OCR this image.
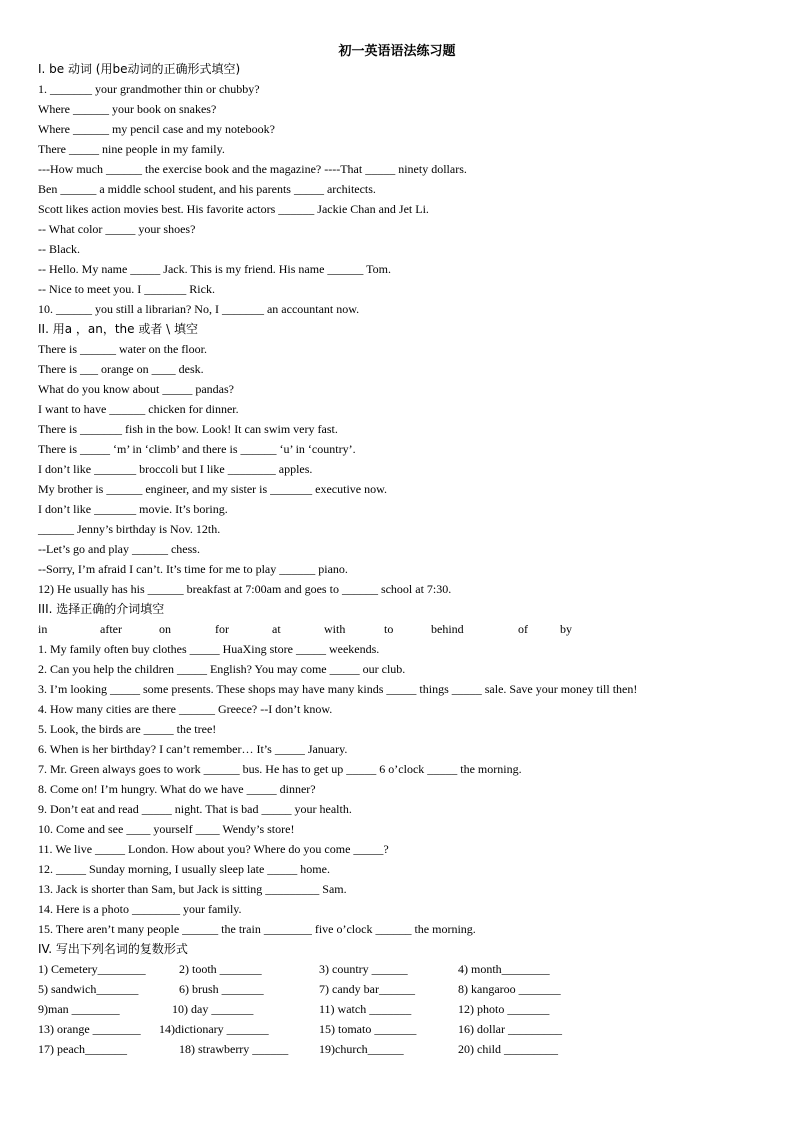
初一英语语法练习题
I. be 动词 (用be动词的正确形式填空)
1. _______ your grandmother thin or chubby?
Where ______ your book on snakes?
Where ______ my pencil case and my notebook?
There _____ nine people in my family.
---How much ______ the exercise book and the magazine? ----That _____ ninety dollars.
Ben ______ a middle school student, and his parents _____ architects.
Scott likes action movies best. His favorite actors ______ Jackie Chan and Jet Li.
-- What color _____ your shoes?
-- Black.
-- Hello. My name _____ Jack. This is my friend. His name ______ Tom.
-- Nice to meet you. I _______ Rick.
10. ______ you still a librarian? No, I _______ an accountant now.
II. 用a ，an，the 或者 \ 填空
There is ______ water on the floor.
There is ___ orange on ____ desk.
What do you know about _____ pandas?
I want to have ______ chicken for dinner.
There is _______ fish in the bow. Look! It can swim very fast.
There is _____ ‘m’ in ‘climb’ and there is ______ ‘u’ in ‘country’.
I don’t like _______ broccoli but I like ________ apples.
My brother is ______ engineer, and my sister is _______ executive now.
I don’t like _______ movie. It’s boring.
______ Jenny’s birthday is Nov. 12th.
--Let’s go and play ______ chess.
--Sorry, I’m afraid I can’t. It’s time for me to play ______ piano.
12) He usually has his ______ breakfast at 7:00am and goes to ______ school at 7:30.
III. 选择正确的介词填空
in	after	on	for	at	with	to	behind	of	by
1. My family often buy clothes _____ HuaXing store _____ weekends.
2. Can you help the children _____ English? You may come _____ our club.
3. I’m looking _____ some presents. These shops may have many kinds _____ things _____ sale. Save your money till then!
4. How many cities are there ______ Greece? --I don’t know.
5. Look, the birds are _____ the tree!
6. When is her birthday? I can’t remember… It’s _____ January.
7. Mr. Green always goes to work ______ bus. He has to get up _____ 6 o’clock _____ the morning.
8. Come on! I’m hungry. What do we have _____ dinner?
9. Don’t eat and read _____ night. That is bad _____ your health.
10. Come and see ____ yourself ____ Wendy’s store!
11. We live _____ London. How about you? Where do you come _____?
12. _____ Sunday morning, I usually sleep late _____ home.
13. Jack is shorter than Sam, but Jack is sitting _________ Sam.
14. Here is a photo ________ your family.
15. There aren’t many people ______ the train ________ five o’clock ______ the morning.
IV. 写出下列名词的复数形式
1) Cemetery________	2) tooth _______	3) country ______	4) month________
5) sandwich_______	6) brush _______	7) candy bar______	8) kangaroo _______
9)man ________	10) day _______	11) watch _______	12) photo _______
13) orange ________ 14)dictionary _______	15) tomato _______	16) dollar _________
17) peach_______	18) strawberry ______	19)church______	20) child _________
